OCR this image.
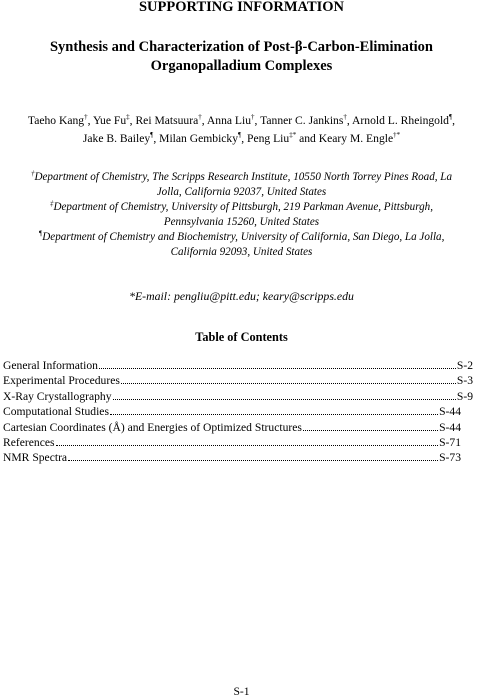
SUPPORTING INFORMATION
Synthesis and Characterization of Post-β-Carbon-Elimination
Organopalladium Complexes
Taeho Kang†, Yue Fu‡, Rei Matsuura†, Anna Liu†, Tanner C. Jankins†, Arnold L. Rheingold¶,
Jake B. Bailey¶, Milan Gembicky¶, Peng Liu‡* and Keary M. Engle†*

†Department of Chemistry, The Scripps Research Institute, 10550 North Torrey Pines Road, La Jolla, California 92037, United States

‡Department of Chemistry, University of Pittsburgh, 219 Parkman Avenue, Pittsburgh, Pennsylvania 15260, United States

¶Department of Chemistry and Biochemistry, University of California, San Diego, La Jolla, California 92093, United States

*E-mail: pengliu@pitt.edu; keary@scripps.edu
Table of Contents
General Information	S-2
Experimental Procedures	S-3
X-Ray Crystallography	S-9
Computational Studies	S-44
Cartesian Coordinates (Å) and Energies of Optimized Structures	S-44
References	S-71
NMR Spectra	S-73
S-1
